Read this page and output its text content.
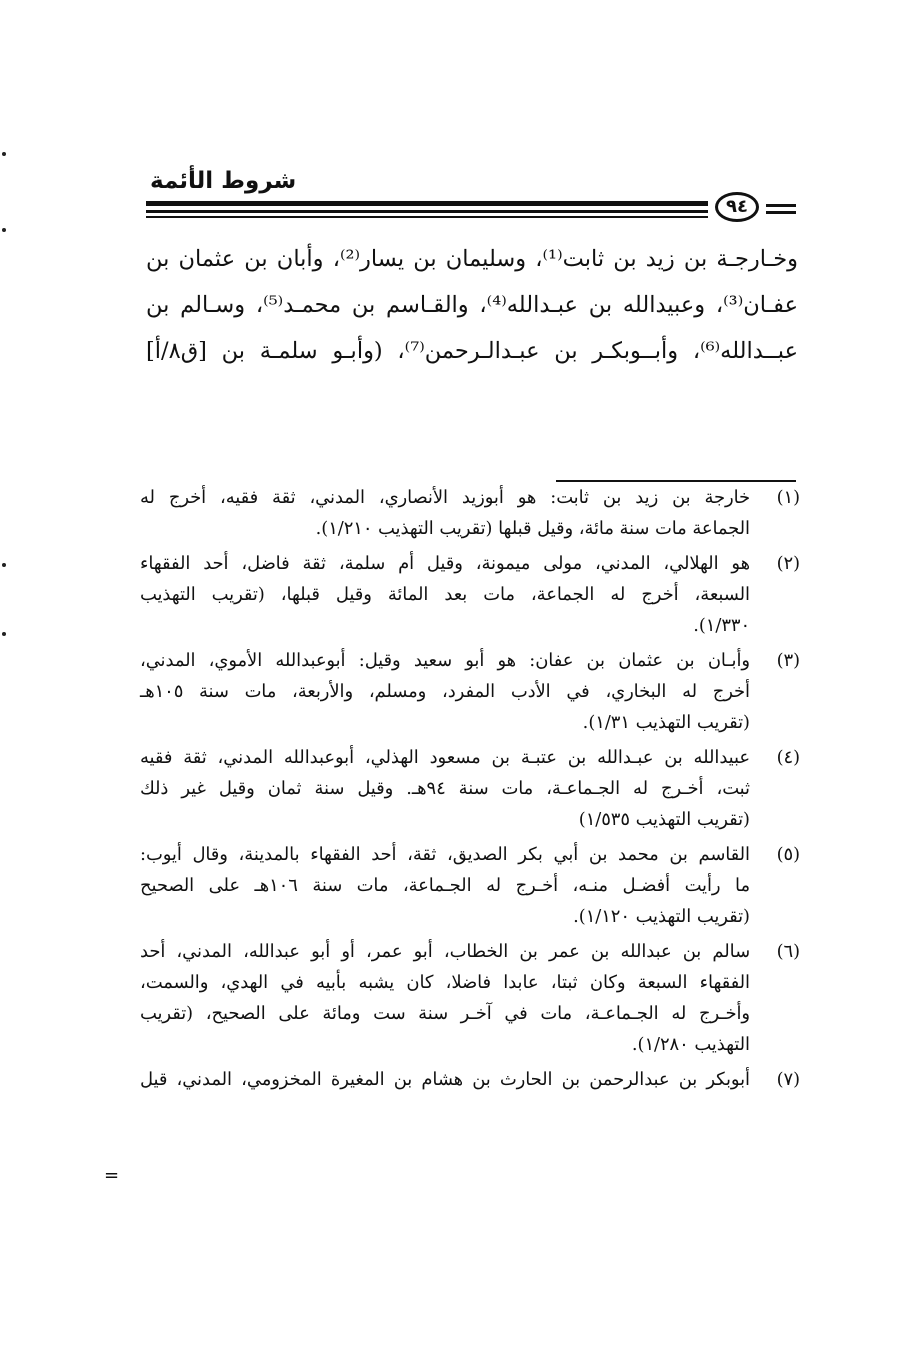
شروط الأئمة
٩٤
وخـارجـة بن زيد بن ثابت⁽¹⁾، وسليمان بن يسار⁽²⁾، وأبان بن عثمان بن
عفـان⁽³⁾، وعبيدالله بن عبـدالله⁽⁴⁾، والقـاسم بن محمـد⁽⁵⁾، وسـالم بن
عبــدالله⁽⁶⁾، وأبــوبكـر بن عبـدالـرحمن⁽⁷⁾، (وأبـو سلمـة بن [ق٨/أ]
(١)
خارجة بن زيد بن ثابت: هو أبوزيد الأنصاري، المدني، ثقة فقيه، أخرج له
الجماعة مات سنة مائة، وقيل قبلها (تقريب التهذيب ١/٢١٠).
(٢)
هو الهلالي، المدني، مولى ميمونة، وقيل أم سلمة، ثقة فاضل، أحد الفقهاء
السبعة، أخرج له الجماعة، مات بعد المائة وقيل قبلها، (تقريب التهذيب
١/٣٣٠).
(٣)
وأبـان بن عثمان بن عفان: هو أبو سعيد وقيل: أبوعبدالله الأموي، المدني،
أخرج له البخاري، في الأدب المفرد، ومسلم، والأربعة، مات سنة ١٠٥هـ
(تقريب التهذيب ١/٣١).
(٤)
عبيدالله بن عبـدالله بن عتبـة بن مسعود الهذلي، أبوعبدالله المدني، ثقة فقيه
ثبت، أخـرج له الجـماعـة، مات سنة ٩٤هـ. وقيل سنة ثمان وقيل غير ذلك
(تقريب التهذيب ١/٥٣٥)
(٥)
القاسم بن محمد بن أبي بكر الصديق، ثقة، أحد الفقهاء بالمدينة، وقال أيوب:
ما رأيت أفضـل منـه، أخـرج له الجـماعة، مات سنة ١٠٦هـ على الصحيح
(تقريب التهذيب ١/١٢٠).
(٦)
سالم بن عبدالله بن عمر بن الخطاب، أبو عمر، أو أبو عبدالله، المدني، أحد
الفقهاء السبعة وكان ثبتا، عابدا فاضلا، كان يشبه بأبيه في الهدي، والسمت،
وأخـرج له الجـماعـة، مات في آخـر سنة ست ومائة على الصحيح، (تقريب
التهذيب ١/٢٨٠).
(٧)
أبوبكر بن عبدالرحمن بن الحارث بن هشام بن المغيرة المخزومي، المدني، قيل
=
